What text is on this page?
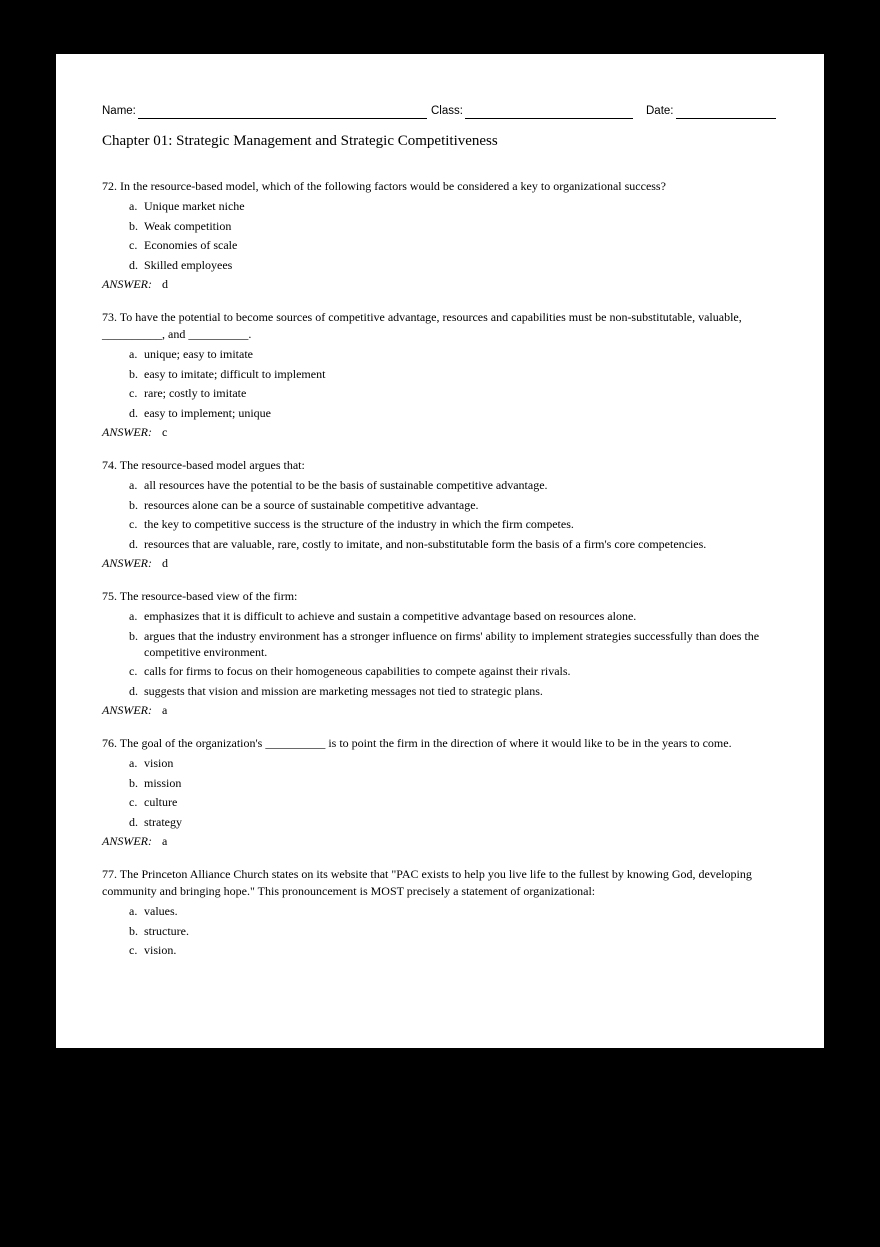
Name:	Class:	Date:
Chapter 01: Strategic Management and Strategic Competitiveness
72. In the resource-based model, which of the following factors would be considered a key to organizational success?
a. Unique market niche
b. Weak competition
c. Economies of scale
d. Skilled employees
ANSWER: d
73. To have the potential to become sources of competitive advantage, resources and capabilities must be non-substitutable, valuable, __________, and __________.
a. unique; easy to imitate
b. easy to imitate; difficult to implement
c. rare; costly to imitate
d. easy to implement; unique
ANSWER: c
74. The resource-based model argues that:
a. all resources have the potential to be the basis of sustainable competitive advantage.
b. resources alone can be a source of sustainable competitive advantage.
c. the key to competitive success is the structure of the industry in which the firm competes.
d. resources that are valuable, rare, costly to imitate, and non-substitutable form the basis of a firm's core competencies.
ANSWER: d
75. The resource-based view of the firm:
a. emphasizes that it is difficult to achieve and sustain a competitive advantage based on resources alone.
b. argues that the industry environment has a stronger influence on firms' ability to implement strategies successfully than does the competitive environment.
c. calls for firms to focus on their homogeneous capabilities to compete against their rivals.
d. suggests that vision and mission are marketing messages not tied to strategic plans.
ANSWER: a
76. The goal of the organization's __________ is to point the firm in the direction of where it would like to be in the years to come.
a. vision
b. mission
c. culture
d. strategy
ANSWER: a
77. The Princeton Alliance Church states on its website that "PAC exists to help you live life to the fullest by knowing God, developing community and bringing hope." This pronouncement is MOST precisely a statement of organizational:
a. values.
b. structure.
c. vision.
